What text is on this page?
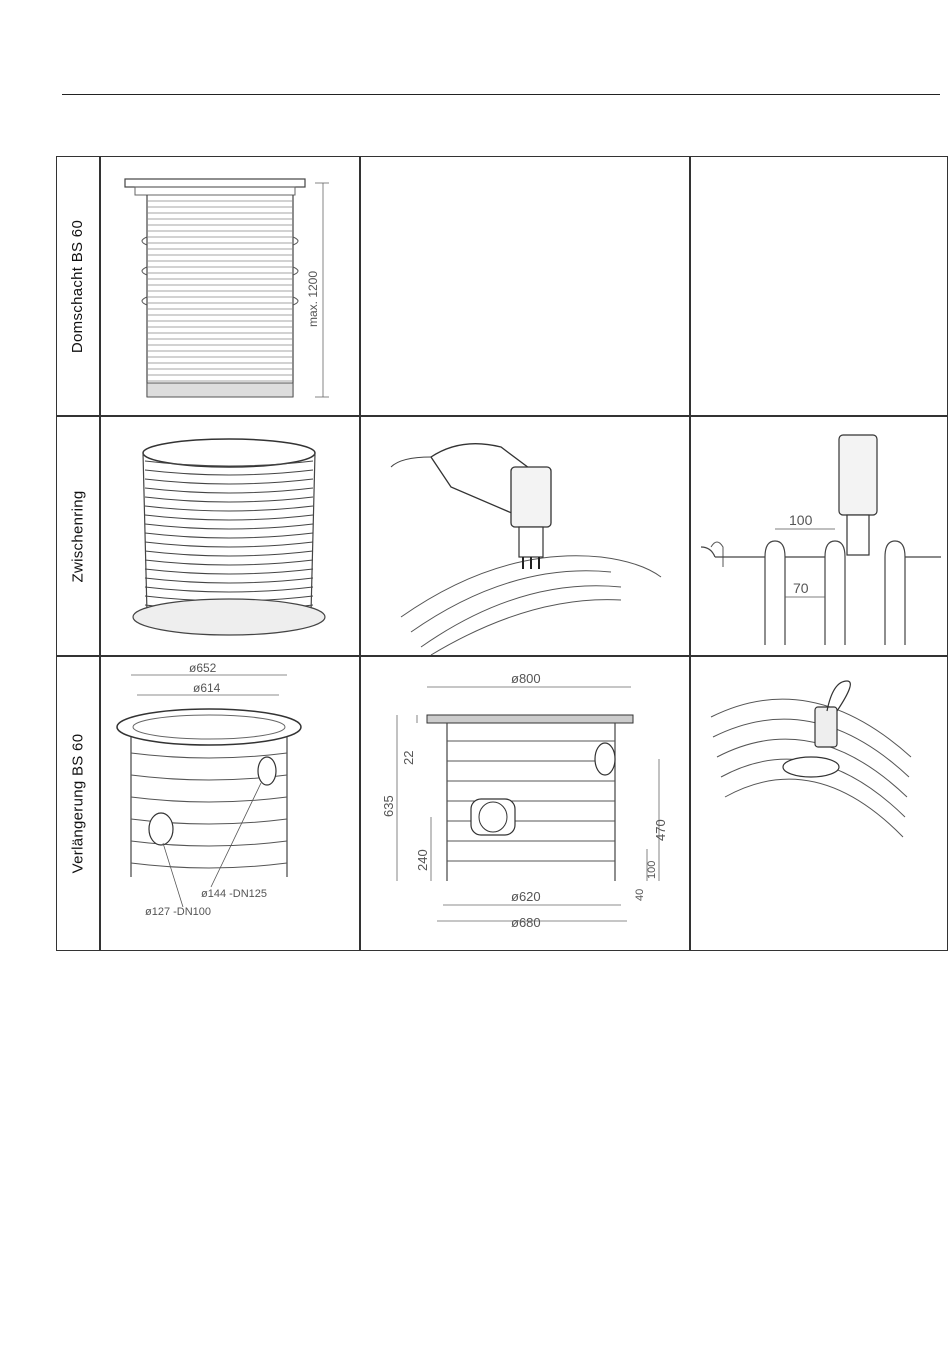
Domschacht BS 60	max. 1200
Zwischenring	100
70
Verlängerung BS 60
ø652
ø614
ø144 -DN125
ø127 -DN100
ø800
ø620
ø680
22
635
240
470
40
100
